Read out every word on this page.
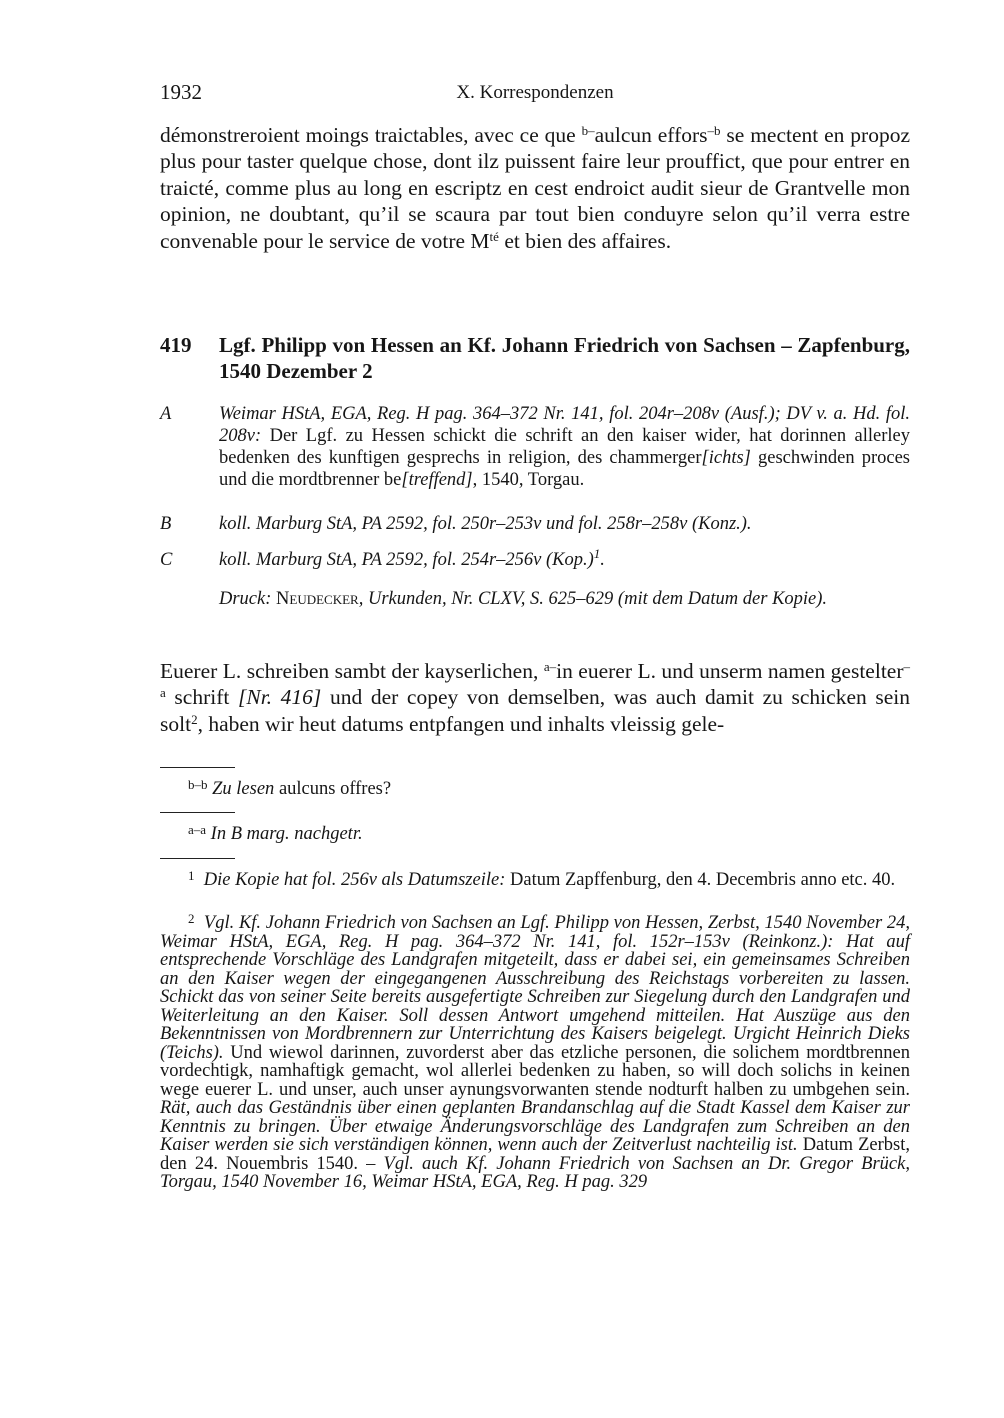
1932	X. Korrespondenzen

démonstreroient moings traictables, avec ce que $^{b-}$aulcun effors$^{-b}$ se mectent en propoz plus pour taster quelque chose, dont ilz puissent faire leur prouffict, que pour entrer en traicté, comme plus au long en escriptz en cest endroict audit sieur de Grantvelle mon opinion, ne doubtant, qu’il se scaura par tout bien conduyre selon qu’il verra estre convenable pour le service de votre $M^{té}$ et bien des affaires.

419 Lgf. Philipp von Hessen an Kf. Johann Friedrich von Sachsen – Zapfenburg, 1540 Dezember 2
A	Weimar HStA, EGA, Reg. H pag. 364–372 Nr. 141, fol. 204r–208v (Ausf.); DV v. a. Hd. fol. 208v: Der Lgf. zu Hessen schickt die schrift an den kaiser wider, hat dorinnen allerley bedenken des kunftigen gesprechs in religion, des chammerger[ichts] geschwinden proces und die mordtbrenner be[treffend], 1540, Torgau.
B	koll. Marburg StA, PA 2592, fol. 250r–253v und fol. 258r–258v (Konz.).
C	koll. Marburg StA, PA 2592, fol. 254r–256v $(Kop.)^1$.
Druck: Neudecker, Urkunden, Nr. CLXV, S. 625–629 (mit dem Datum der Kopie).

Euerer L. schreiben sambt der kayserlichen, $^{a-}$in euerer L. und unserm namen gestelter$^{-a}$ schrift [Nr. 416] und der copey von demselben, was auch damit zu schicken sein solt$^2$, haben wir heut datums entpfangen und inhalts vleissig gele-

$^{b-b}$ Zu lesen aulcuns offres?
$^{a-a}$ In B marg. nachgetr.
$^1$ Die Kopie hat fol. 256v als Datumszeile: Datum Zapffenburg, den 4. Decembris anno etc. 40.
$^2$ Vgl. Kf. Johann Friedrich von Sachsen an Lgf. Philipp von Hessen, Zerbst, 1540 November 24, Weimar HStA, EGA, Reg. H pag. 364–372 Nr. 141, fol. 152r–153v (Reinkonz.): Hat auf entsprechende Vorschläge des Landgrafen mitgeteilt, dass er dabei sei, ein gemeinsames Schreiben an den Kaiser wegen der eingegangenen Ausschreibung des Reichstags vorbereiten zu lassen. Schickt das von seiner Seite bereits ausgefertigte Schreiben zur Siegelung durch den Landgrafen und Weiterleitung an den Kaiser. Soll dessen Antwort umgehend mitteilen. Hat Auszüge aus den Bekenntnissen von Mordbrennern zur Unterrichtung des Kaisers beigelegt. Urgicht Heinrich Dieks (Teichs). Und wiewol darinnen, zuvorderst aber das etzliche personen, die solichem mordtbrennen vordechtigk, namhaftigk gemacht, wol allerlei bedenken zu haben, so will doch solichs in keinen wege euerer L. und unser, auch unser aynungsvorwanten stende nodturft halben zu umbgehen sein. Rät, auch das Geständnis über einen geplanten Brandanschlag auf die Stadt Kassel dem Kaiser zur Kenntnis zu bringen. Über etwaige Änderungsvorschläge des Landgrafen zum Schreiben an den Kaiser werden sie sich verständigen können, wenn auch der Zeitverlust nachteilig ist. Datum Zerbst, den 24. Nouembris 1540. – Vgl. auch Kf. Johann Friedrich von Sachsen an Dr. Gregor Brück, Torgau, 1540 November 16, Weimar HStA, EGA, Reg. H pag. 329
